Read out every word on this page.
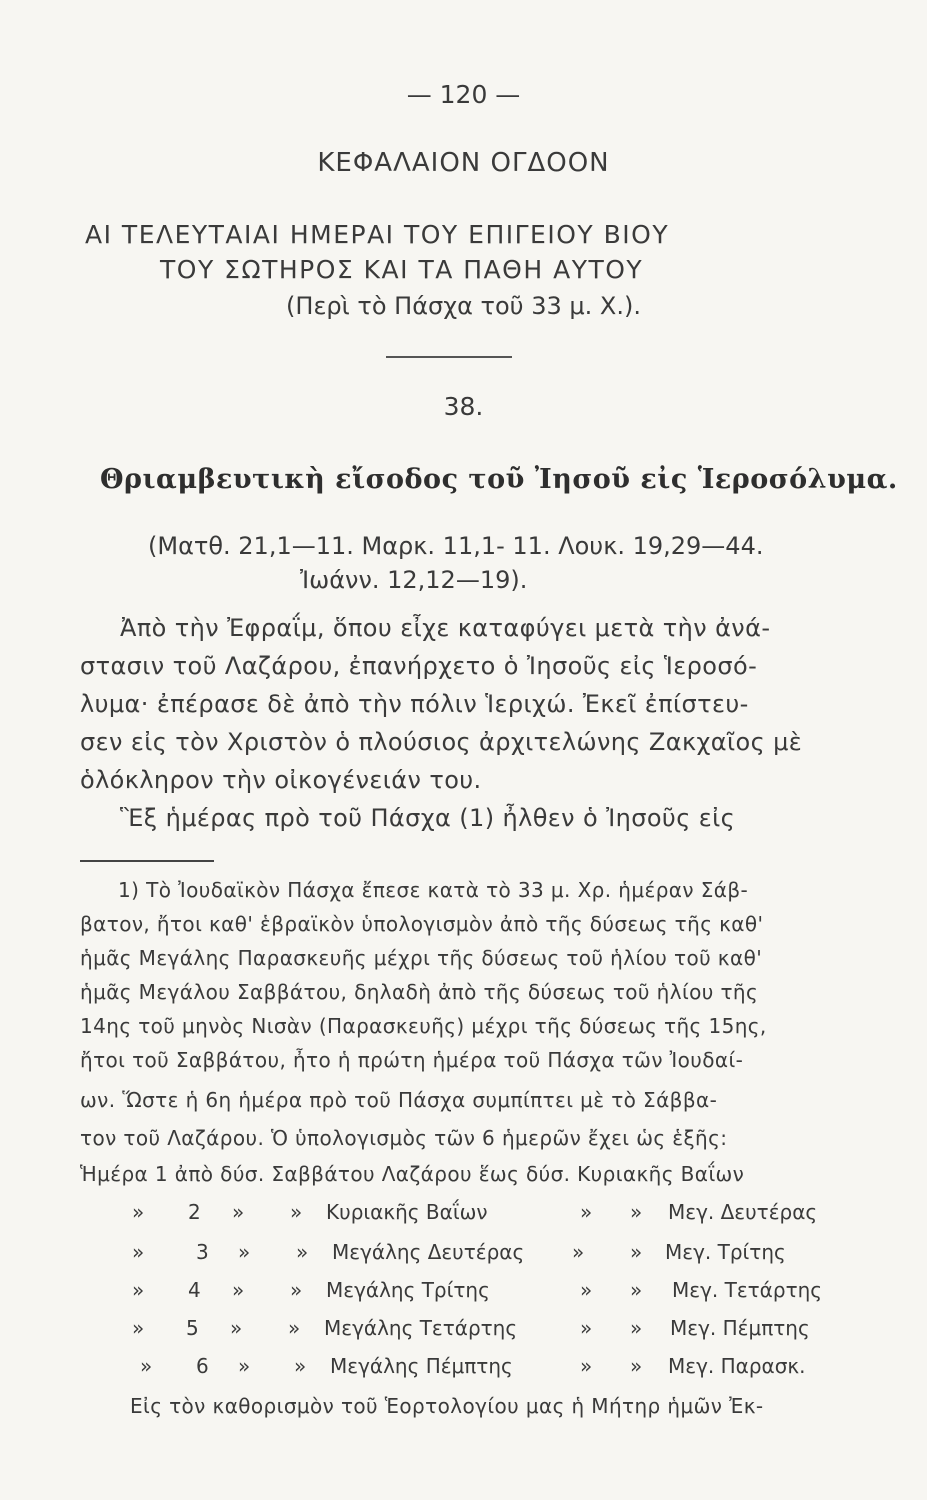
— 120 —
ΚΕΦΑΛΑΙΟΝ ΟΓΔΟΟΝ
ΑΙ ΤΕΛΕΥΤΑΙΑΙ ΗΜΕΡΑΙ ΤΟΥ ΕΠΙΓΕΙΟΥ ΒΙΟΥ
ΤΟΥ ΣΩΤΗΡΟΣ ΚΑΙ ΤΑ ΠΑΘΗ ΑΥΤΟΥ
(Περὶ τὸ Πάσχα τοῦ 33 μ. Χ.).
38.
Θριαμβευτικὴ εἴσοδος τοῦ Ἰησοῦ εἰς Ἱεροσόλυμα.
(Ματθ. 21,1—11. Μαρκ. 11,1- 11. Λουκ. 19,29—44.
Ἰωάνν. 12,12—19).
Ἀπὸ τὴν Ἐφραΐμ, ὅπου εἶχε καταφύγει μετὰ τὴν ἀνά-
στασιν τοῦ Λαζάρου, ἐπανήρχετο ὁ Ἰησοῦς εἰς Ἱεροσό-
λυμα· ἐπέρασε δὲ ἀπὸ τὴν πόλιν Ἱεριχώ. Ἐκεῖ ἐπίστευ-
σεν εἰς τὸν Χριστὸν ὁ πλούσιος ἀρχιτελώνης Ζακχαῖος μὲ
ὁλόκληρον τὴν οἰκογένειάν του.
Ἓξ ἡμέρας πρὸ τοῦ Πάσχα (1) ἦλθεν ὁ Ἰησοῦς εἰς
1) Τὸ Ἰουδαϊκὸν Πάσχα ἔπεσε κατὰ τὸ 33 μ. Χρ. ἡμέραν Σάβ-
βατον, ἤτοι καθ' ἑβραϊκὸν ὑπολογισμὸν ἀπὸ τῆς δύσεως τῆς καθ'
ἡμᾶς Μεγάλης Παρασκευῆς μέχρι τῆς δύσεως τοῦ ἡλίου τοῦ καθ'
ἡμᾶς Μεγάλου Σαββάτου, δηλαδὴ ἀπὸ τῆς δύσεως τοῦ ἡλίου τῆς
14ης τοῦ μηνὸς Νισὰν (Παρασκευῆς) μέχρι τῆς δύσεως τῆς 15ης,
ἤτοι τοῦ Σαββάτου, ἦτο ἡ πρώτη ἡμέρα τοῦ Πάσχα τῶν Ἰουδαί-
ων. Ὥστε ἡ 6η ἡμέρα πρὸ τοῦ Πάσχα συμπίπτει μὲ τὸ Σάββα-
τον τοῦ Λαζάρου. Ὁ ὑπολογισμὸς τῶν 6 ἡμερῶν ἔχει ὡς ἑξῆς:
Ἡμέρα 1 ἀπὸ δύσ. Σαββάτου Λαζάρου ἕως δύσ. Κυριακῆς Βαΐων
» 2 » » Κυριακῆς Βαΐων	» » Μεγ. Δευτέρας
»	3 » » Μεγάλης Δευτέρας » » Μεγ. Τρίτης
» 4 » » Μεγάλης Τρίτης	» » Μεγ. Τετάρτης
» 5 » » Μεγάλης Τετάρτης	» » Μεγ. Πέμπτης
» 6 » » Μεγάλης Πέμπτης	» » Μεγ. Παρασκ.
Εἰς τὸν καθορισμὸν τοῦ Ἑορτολογίου μας ἡ Μήτηρ ἡμῶν Ἐκ-
